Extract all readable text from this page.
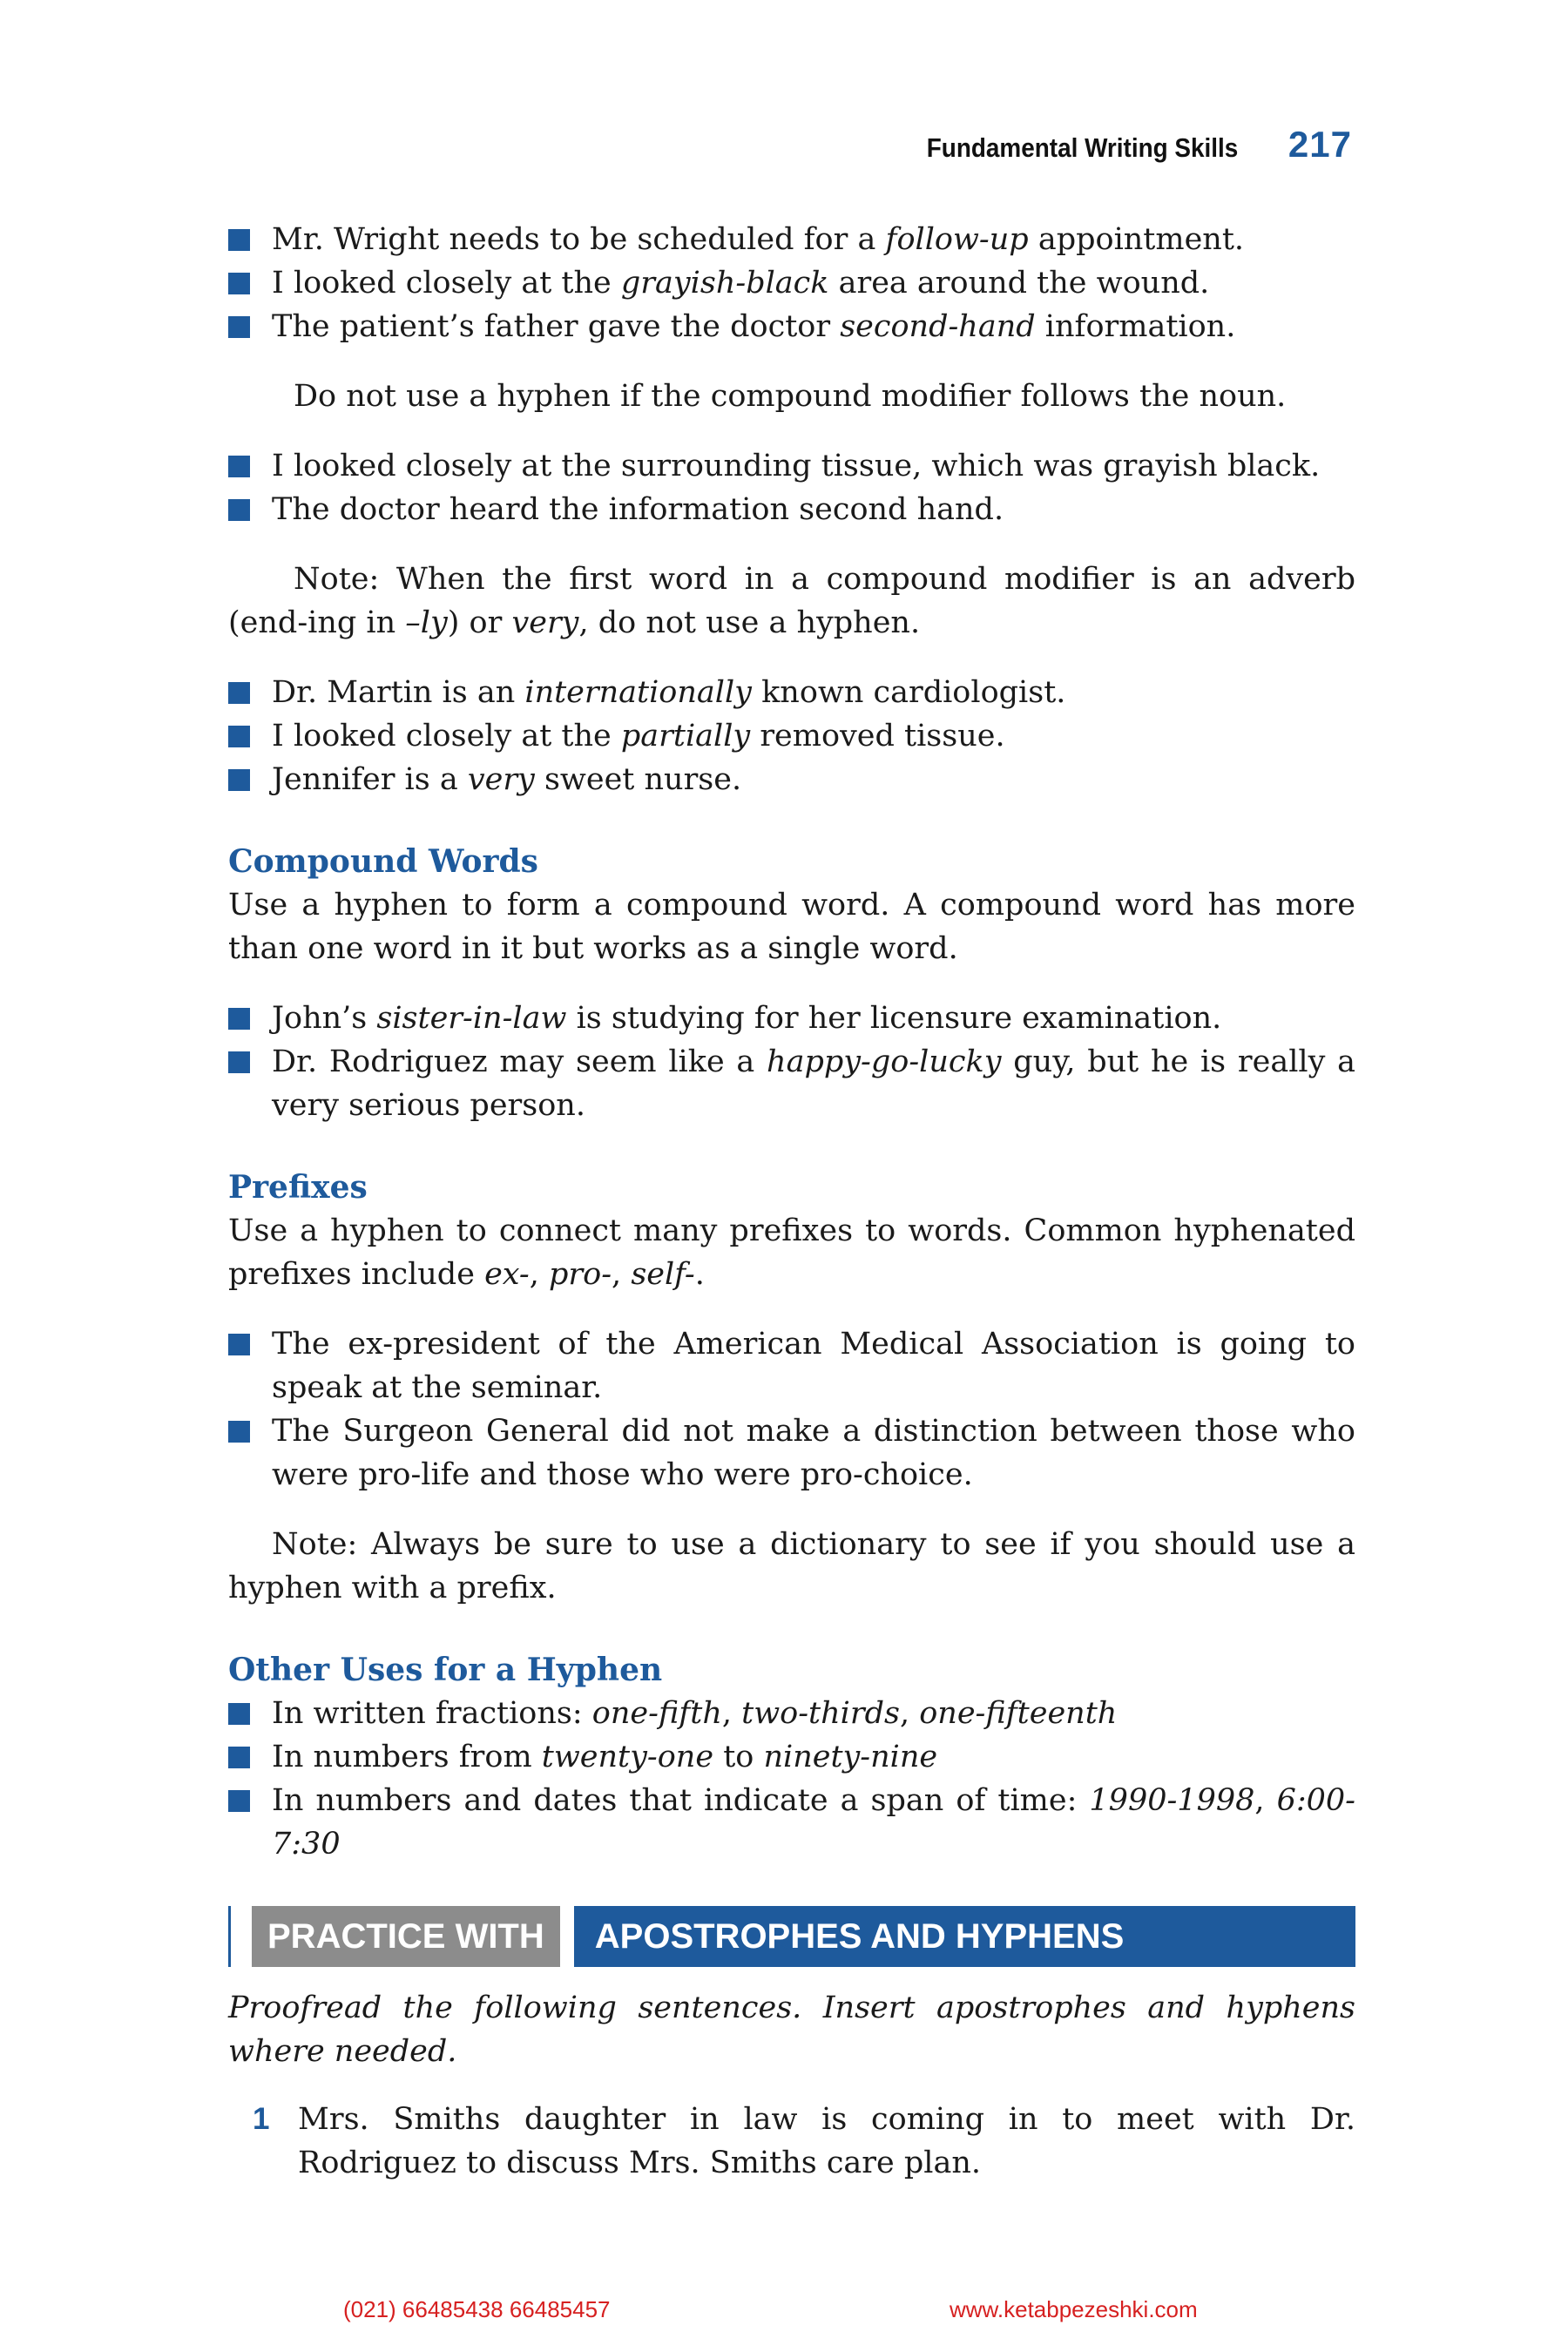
Fundamental Writing Skills 217
Mr. Wright needs to be scheduled for a follow-up appointment.
I looked closely at the grayish-black area around the wound.
The patient’s father gave the doctor second-hand information.

Do not use a hyphen if the compound modifier follows the noun.

I looked closely at the surrounding tissue, which was grayish black.
The doctor heard the information second hand.

Note: When the first word in a compound modifier is an adverb (end-ing in –ly) or very, do not use a hyphen.

Dr. Martin is an internationally known cardiologist.
I looked closely at the partially removed tissue.
Jennifer is a very sweet nurse.
Compound Words

Use a hyphen to form a compound word. A compound word has more than one word in it but works as a single word.

John’s sister-in-law is studying for her licensure examination.
Dr. Rodriguez may seem like a happy-go-lucky guy, but he is really a very serious person.
Prefixes

Use a hyphen to connect many prefixes to words. Common hyphenated prefixes include ex-, pro-, self-.

The ex-president of the American Medical Association is going to speak at the seminar.
The Surgeon General did not make a distinction between those who were pro-life and those who were pro-choice.

Note: Always be sure to use a dictionary to see if you should use a hyphen with a prefix.

Other Uses for a Hyphen
In written fractions: one-fifth, two-thirds, one-fifteenth
In numbers from twenty-one to ninety-nine
In numbers and dates that indicate a span of time: 1990-1998, 6:00-7:30
PRACTICE WITH	APOSTROPHES AND HYPHENS

Proofread the following sentences. Insert apostrophes and hyphens where needed.

1 Mrs. Smiths daughter in law is coming in to meet with Dr. Rodriguez to discuss Mrs. Smiths care plan.
(021) 66485438 66485457	www.ketabpezeshki.com
